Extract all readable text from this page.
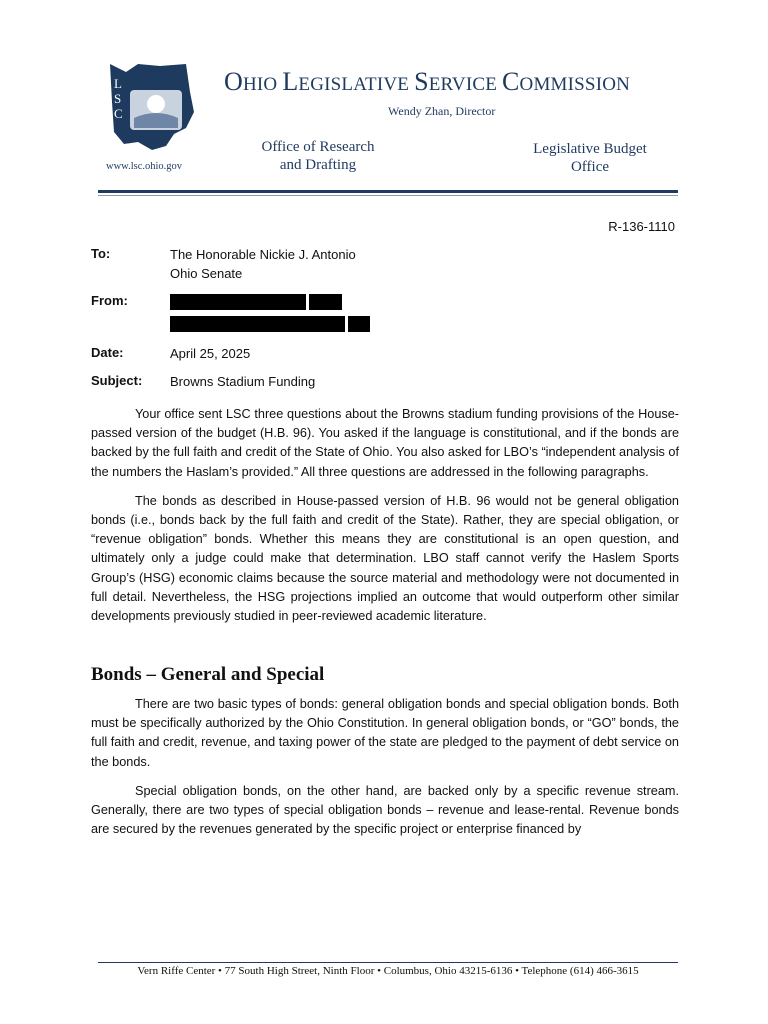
LSC
www.lsc.ohio.gov
OHIO LEGISLATIVE SERVICE COMMISSION
Wendy Zhan, Director
Office of Research
and Drafting
Legislative Budget
Office
R-136-1110
To:	The Honorable Nickie J. Antonio
Ohio Senate
From:
Date:	April 25, 2025
Subject: Browns Stadium Funding

Your office sent LSC three questions about the Browns stadium funding provisions of the House-passed version of the budget (H.B. 96). You asked if the language is constitutional, and if the bonds are backed by the full faith and credit of the State of Ohio. You also asked for LBO’s “independent analysis of the numbers the Haslam’s provided.” All three questions are addressed in the following paragraphs.

The bonds as described in House-passed version of H.B. 96 would not be general obligation bonds (i.e., bonds back by the full faith and credit of the State). Rather, they are special obligation, or “revenue obligation” bonds. Whether this means they are constitutional is an open question, and ultimately only a judge could make that determination. LBO staff cannot verify the Haslem Sports Group’s (HSG) economic claims because the source material and methodology were not documented in full detail. Nevertheless, the HSG projections implied an outcome that would outperform other similar developments previously studied in peer-reviewed academic literature.

Bonds – General and Special

There are two basic types of bonds: general obligation bonds and special obligation bonds. Both must be specifically authorized by the Ohio Constitution. In general obligation bonds, or “GO” bonds, the full faith and credit, revenue, and taxing power of the state are pledged to the payment of debt service on the bonds.

Special obligation bonds, on the other hand, are backed only by a specific revenue stream. Generally, there are two types of special obligation bonds – revenue and lease-rental. Revenue bonds are secured by the revenues generated by the specific project or enterprise financed by

Vern Riffe Center • 77 South High Street, Ninth Floor • Columbus, Ohio 43215-6136 • Telephone (614) 466-3615
